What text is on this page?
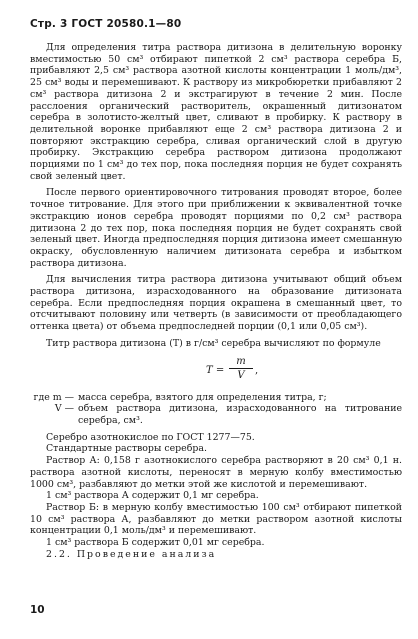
Стр. 3 ГОСТ 20580.1—80

Для определения титра раствора дитизона в делительную воронку вместимостью 50 см³ отбирают пипеткой 2 см³ раствора серебра Б, прибавляют 2,5 см³ раствора азотной кислоты концентрации 1 моль/дм³, 25 см³ воды и перемешивают. К раствору из микробюретки прибавляют 2 см³ раствора дитизона 2 и экстрагируют в течение 2 мин. После расслоения органический растворитель, окрашенный дитизонатом серебра в золотисто-желтый цвет, сливают в пробирку. К раствору в делительной воронке прибавляют еще 2 см³ раствора дитизона 2 и повторяют экстракцию серебра, сливая органический слой в другую пробирку. Экстракцию серебра раствором дитизона продолжают порциями по 1 см³ до тех пор, пока последняя порция не будет сохранять свой зеленый цвет.

После первого ориентировочного титрования проводят второе, более точное титрование. Для этого при приближении к эквивалентной точке экстракцию ионов серебра проводят порциями по 0,2 см³ раствора дитизона 2 до тех пор, пока последняя порция не будет сохранять свой зеленый цвет. Иногда предпоследняя порция дитизона имеет смешанную окраску, обусловленную наличием дитизоната серебра и избытком раствора дитизона.

Для вычисления титра раствора дитизона учитывают общий объем раствора дитизона, израсходованного на образование дитизоната серебра. Если предпоследняя порция окрашена в смешанный цвет, то отсчитывают половину или четверть (в зависимости от преобладающего оттенка цвета) от объема предпоследней порции (0,1 или 0,05 см³).

Титр раствора дитизона (T) в г/см³ серебра вычисляют по формуле

T =
m
V	,
где m — масса серебра, взятого для определения титра, г;
V — объем раствора дитизона, израсходованного на титрование серебра, см³.

Серебро азотнокислое по ГОСТ 1277—75.

Стандартные растворы серебра.

Раствор А: 0,158 г азотнокислого серебра растворяют в 20 см³ 0,1 н. раствора азотной кислоты, переносят в мерную колбу вместимостью 1000 см³, разбавляют до метки этой же кислотой и перемешивают.

1 см³ раствора А содержит 0,1 мг серебра.

Раствор Б: в мерную колбу вместимостью 100 см³ отбирают пипеткой 10 см³ раствора А, разбавляют до метки раствором азотной кислоты концентрации 0,1 моль/дм³ и перемешивают.

1 см³ раствора Б содержит 0,01 мг серебра.

2.2. Проведение анализа

10
